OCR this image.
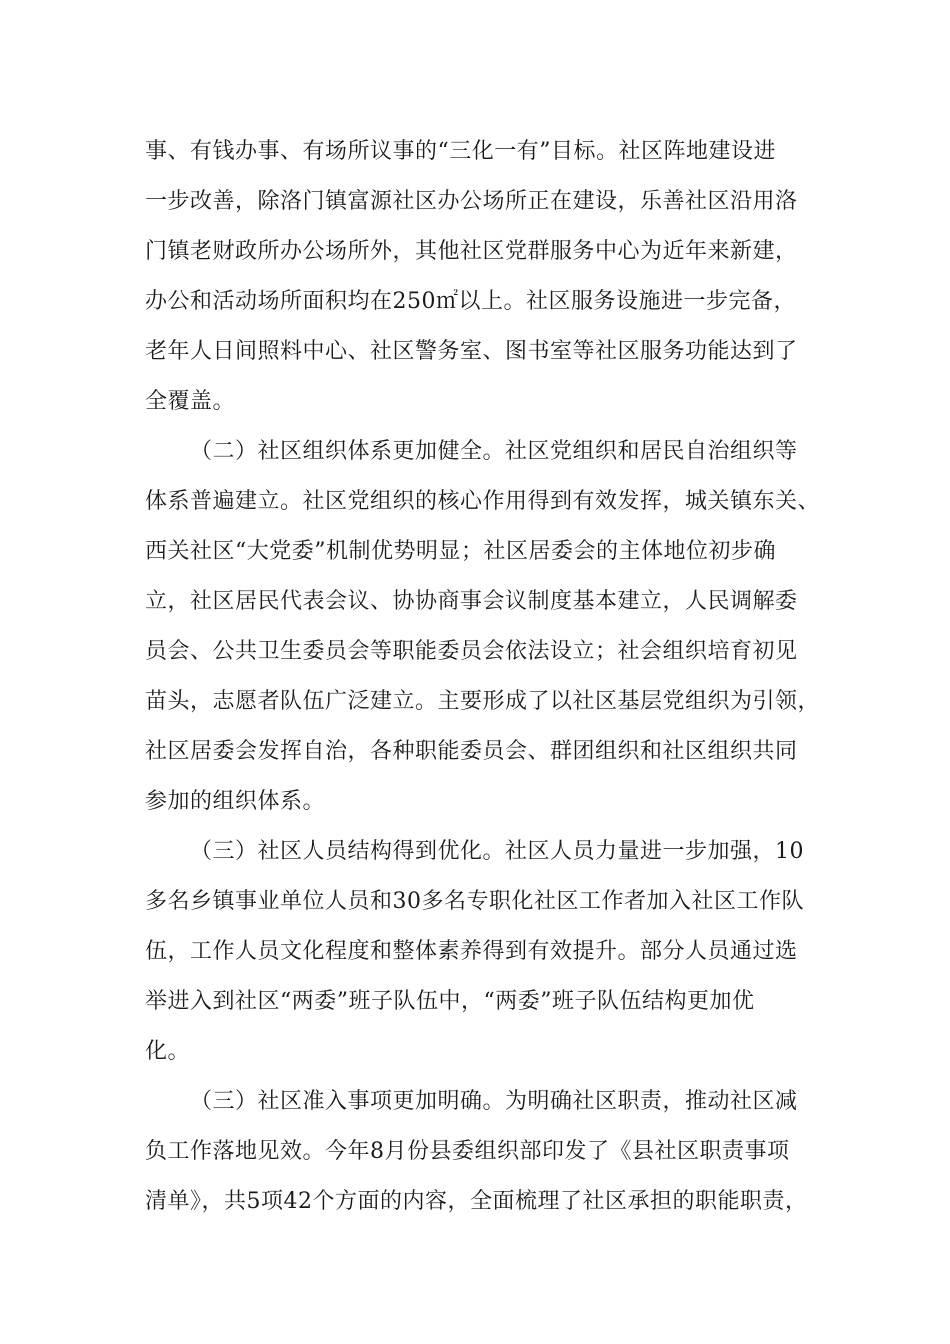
事、有钱办事、有场所议事的“三化一有”目标。社区阵地建设进
一步改善，除洛门镇富源社区办公场所正在建设，乐善社区沿用洛
门镇老财政所办公场所外，其他社区党群服务中心为近年来新建，
办公和活动场所面积均在250㎡以上。社区服务设施进一步完备，
老年人日间照料中心、社区警务室、图书室等社区服务功能达到了
全覆盖。
（二）社区组织体系更加健全。社区党组织和居民自治组织等
体系普遍建立。社区党组织的核心作用得到有效发挥，城关镇东关、
西关社区“大党委”机制优势明显；社区居委会的主体地位初步确
立，社区居民代表会议、协协商事会议制度基本建立，人民调解委
员会、公共卫生委员会等职能委员会依法设立；社会组织培育初见
苗头，志愿者队伍广泛建立。主要形成了以社区基层党组织为引领，
社区居委会发挥自治，各种职能委员会、群团组织和社区组织共同
参加的组织体系。
（三）社区人员结构得到优化。社区人员力量进一步加强，10
多名乡镇事业单位人员和30多名专职化社区工作者加入社区工作队
伍，工作人员文化程度和整体素养得到有效提升。部分人员通过选
举进入到社区“两委”班子队伍中，“两委”班子队伍结构更加优
化。
（三）社区准入事项更加明确。为明确社区职责，推动社区减
负工作落地见效。今年8月份县委组织部印发了《县社区职责事项
清单》，共5项42个方面的内容，全面梳理了社区承担的职能职责，
